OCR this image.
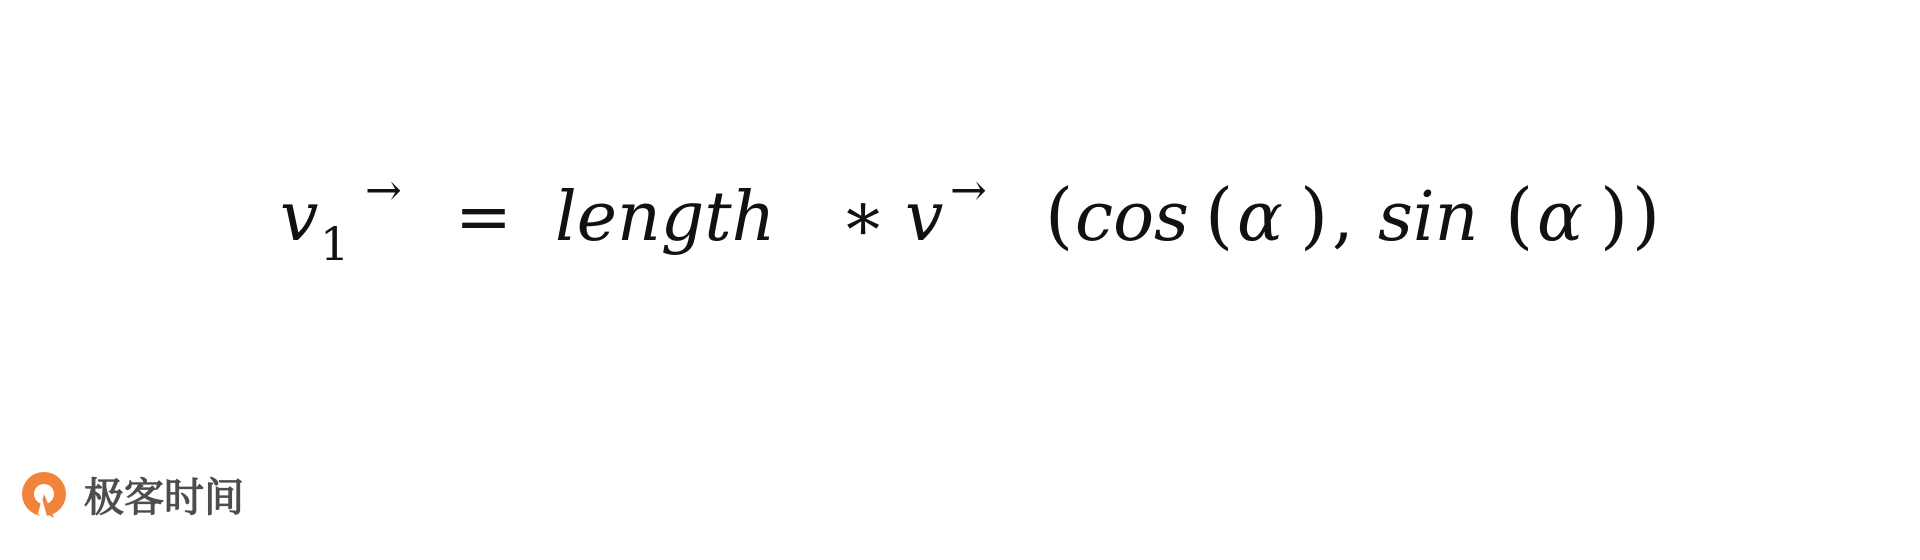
v 1
→ = length ∗ v → ( cos ( α ) , sin ( α ) )
极客时间
